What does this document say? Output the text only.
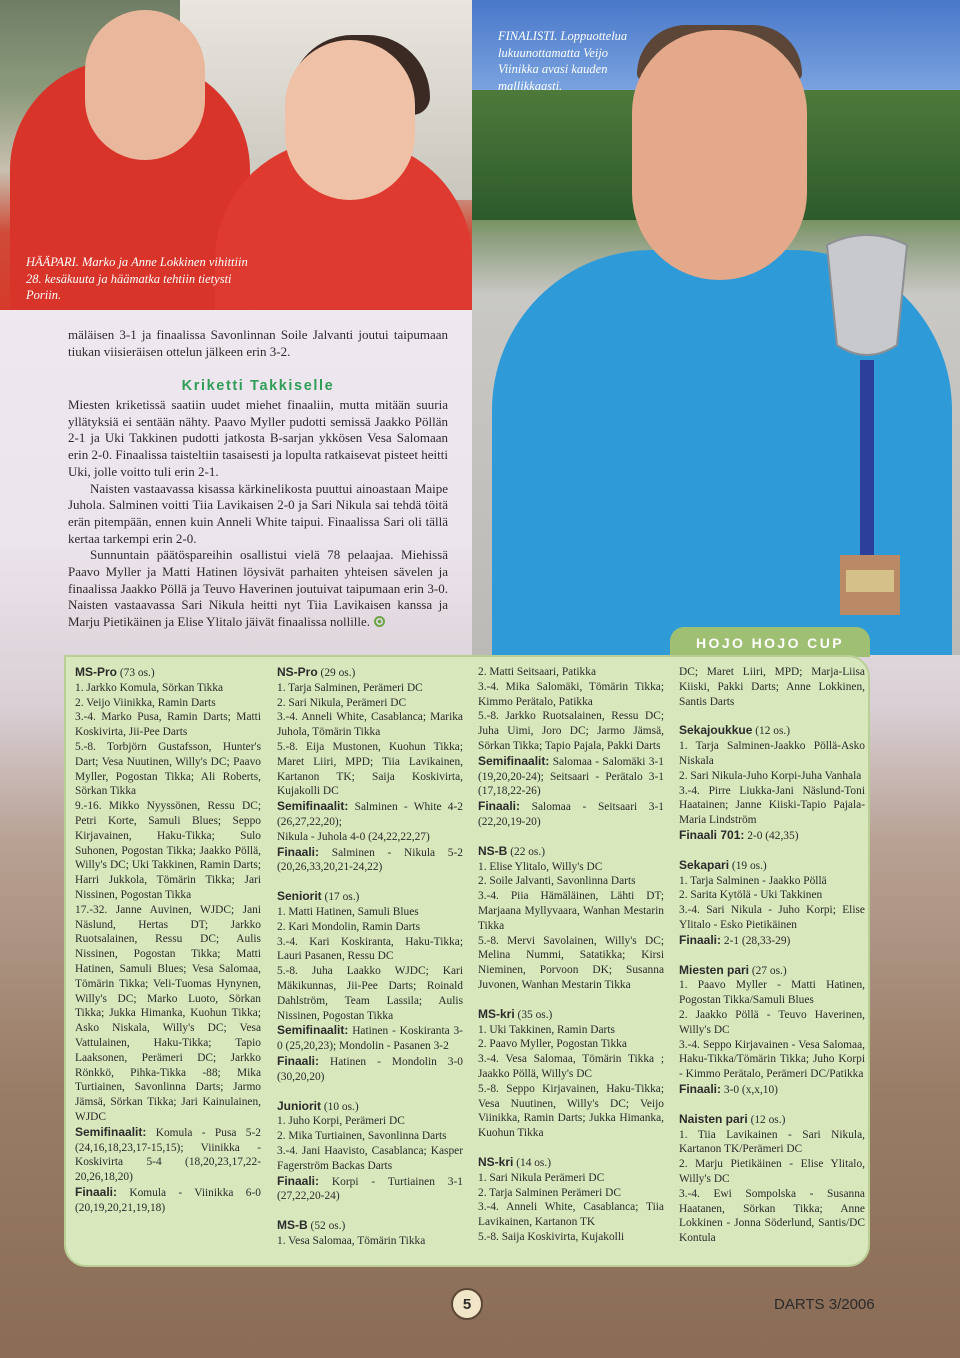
HÄÄPARI. Marko ja Anne Lokkinen vihittiin 28. kesäkuuta ja häämatka tehtiin tietysti Poriin.
FINALISTI. Loppuottelua lukuunottamatta Veijo Viinikka avasi kauden mallikkaasti.

mäläisen 3-1 ja finaalissa Savonlinnan Soile Jalvanti joutui taipumaan tiukan viisieräisen ottelun jälkeen erin 3-2.

Kriketti Takkiselle

Miesten kriketissä saatiin uudet miehet finaaliin, mutta mitään suuria yllätyksiä ei sentään nähty. Paavo Myller pudotti semissä Jaakko Pöllän 2-1 ja Uki Takkinen pudotti jatkosta B-sarjan ykkösen Vesa Salomaan erin 2-0. Finaalissa taisteltiin tasaisesti ja lopulta ratkaisevat pisteet heitti Uki, jolle voitto tuli erin 2-1.

Naisten vastaavassa kisassa kärkinelikosta puuttui ainoastaan Maipe Juhola. Salminen voitti Tiia Lavikaisen 2-0 ja Sari Nikula sai tehdä töitä erän pitempään, ennen kuin Anneli White taipui. Finaalissa Sari oli tällä kertaa tarkempi erin 2-0.

Sunnuntain päätöspareihin osallistui vielä 78 pelaajaa. Miehissä Paavo Myller ja Matti Hatinen löysivät parhaiten yhteisen sävelen ja finaalissa Jaakko Pöllä ja Teuvo Haverinen joutuivat taipumaan erin 3-0. Naisten vastaavassa Sari Nikula heitti nyt Tiia Lavikaisen kanssa ja Marju Pietikäinen ja Elise Ylitalo jäivät finaalissa nollille.

HOJO HOJO CUP
MS-Pro (73 os.)
1. Jarkko Komula, Sörkan Tikka
2. Veijo Viinikka, Ramin Darts
3.-4. Marko Pusa, Ramin Darts; Matti Koskivirta, Jii-Pee Darts
5.-8. Torbjörn Gustafsson, Hunter's Dart; Vesa Nuutinen, Willy's DC; Paavo Myller, Pogostan Tikka; Ali Roberts, Sörkan Tikka
9.-16. Mikko Nyyssönen, Ressu DC; Petri Korte, Samuli Blues; Seppo Kirjavainen, Haku-Tikka; Sulo Suhonen, Pogostan Tikka; Jaakko Pöllä, Willy's DC; Uki Takkinen, Ramin Darts; Harri Jukkola, Tömärin Tikka; Jari Nissinen, Pogostan Tikka
17.-32. Janne Auvinen, WJDC; Jani Näslund, Hertas DT; Jarkko Ruotsalainen, Ressu DC; Aulis Nissinen, Pogostan Tikka; Matti Hatinen, Samuli Blues; Vesa Salomaa, Tömärin Tikka; Veli-Tuomas Hynynen, Willy's DC; Marko Luoto, Sörkan Tikka; Jukka Himanka, Kuohun Tikka; Asko Niskala, Willy's DC; Vesa Vattulainen, Haku-Tikka; Tapio Laaksonen, Perämeri DC; Jarkko Rönkkö, Pihka-Tikka -88; Mika Turtiainen, Savonlinna Darts; Jarmo Jämsä, Sörkan Tikka; Jari Kainulainen, WJDC
Semifinaalit: Komula - Pusa 5-2 (24,16,18,23,17-15,15); Viinikka - Koskivirta 5-4 (18,20,23,17,22-20,26,18,20)
Finaali: Komula - Viinikka 6-0 (20,19,20,21,19,18)
NS-Pro (29 os.)
1. Tarja Salminen, Perämeri DC
2. Sari Nikula, Perämeri DC
3.-4. Anneli White, Casablanca; Marika Juhola, Tömärin Tikka
5.-8. Eija Mustonen, Kuohun Tikka; Maret Liiri, MPD; Tiia Lavikainen, Kartanon TK; Saija Koskivirta, Kujakolli DC
Semifinaalit: Salminen - White 4-2 (26,27,22,20);
Nikula - Juhola 4-0 (24,22,22,27)
Finaali: Salminen - Nikula 5-2 (20,26,33,20,21-24,22)
Seniorit (17 os.)
1. Matti Hatinen, Samuli Blues
2. Kari Mondolin, Ramin Darts
3.-4. Kari Koskiranta, Haku-Tikka; Lauri Pasanen, Ressu DC
5.-8. Juha Laakko WJDC; Kari Mäkikunnas, Jii-Pee Darts; Roinald Dahlström, Team Lassila; Aulis Nissinen, Pogostan Tikka
Semifinaalit: Hatinen - Koskiranta 3-0 (25,20,23); Mondolin - Pasanen 3-2
Finaali: Hatinen - Mondolin 3-0 (30,20,20)
Juniorit (10 os.)
1. Juho Korpi, Perämeri DC
2. Mika Turtiainen, Savonlinna Darts
3.-4. Jani Haavisto, Casablanca; Kasper Fagerström Backas Darts
Finaali: Korpi - Turtiainen 3-1 (27,22,20-24)
MS-B (52 os.)
1. Vesa Salomaa, Tömärin Tikka
2. Matti Seitsaari, Patikka
3.-4. Mika Salomäki, Tömärin Tikka; Kimmo Perätalo, Patikka
5.-8. Jarkko Ruotsalainen, Ressu DC; Juha Uimi, Joro DC; Jarmo Jämsä, Sörkan Tikka; Tapio Pajala, Pakki Darts
Semifinaalit: Salomaa - Salomäki 3-1 (19,20,20-24); Seitsaari - Perätalo 3-1 (17,18,22-26)
Finaali: Salomaa - Seitsaari 3-1 (22,20,19-20)
NS-B (22 os.)
1. Elise Ylitalo, Willy's DC
2. Soile Jalvanti, Savonlinna Darts
3.-4. Piia Hämäläinen, Lähti DT; Marjaana Myllyvaara, Wanhan Mestarin Tikka
5.-8. Mervi Savolainen, Willy's DC; Melina Nummi, Satatikka; Kirsi Nieminen, Porvoon DK; Susanna Juvonen, Wanhan Mestarin Tikka
MS-kri (35 os.)
1. Uki Takkinen, Ramin Darts
2. Paavo Myller, Pogostan Tikka
3.-4. Vesa Salomaa, Tömärin Tikka ; Jaakko Pöllä, Willy's DC
5.-8. Seppo Kirjavainen, Haku-Tikka; Vesa Nuutinen, Willy's DC; Veijo Viinikka, Ramin Darts; Jukka Himanka, Kuohun Tikka
NS-kri (14 os.)
1. Sari Nikula Perämeri DC
2. Tarja Salminen Perämeri DC
3.-4. Anneli White, Casablanca; Tiia Lavikainen, Kartanon TK
5.-8. Saija Koskivirta, Kujakolli
DC; Maret Liiri, MPD; Marja-Liisa Kiiski, Pakki Darts; Anne Lokkinen, Santis Darts
Sekajoukkue (12 os.)
1. Tarja Salminen-Jaakko Pöllä-Asko Niskala
2. Sari Nikula-Juho Korpi-Juha Vanhala
3.-4. Pirre Liukka-Jani Näslund-Toni Haatainen; Janne Kiiski-Tapio Pajala-Maria Lindström
Finaali 701: 2-0 (42,35)
Sekapari (19 os.)
1. Tarja Salminen - Jaakko Pöllä
2. Sarita Kytölä - Uki Takkinen
3.-4. Sari Nikula - Juho Korpi; Elise Ylitalo - Esko Pietikäinen
Finaali: 2-1 (28,33-29)
Miesten pari (27 os.)
1. Paavo Myller - Matti Hatinen, Pogostan Tikka/Samuli Blues
2. Jaakko Pöllä - Teuvo Haverinen, Willy's DC
3.-4. Seppo Kirjavainen - Vesa Salomaa, Haku-Tikka/Tömärin Tikka; Juho Korpi - Kimmo Perätalo, Perämeri DC/Patikka
Finaali: 3-0 (x,x,10)
Naisten pari (12 os.)
1. Tiia Lavikainen - Sari Nikula, Kartanon TK/Perämeri DC
2. Marju Pietikäinen - Elise Ylitalo, Willy's DC
3.-4. Ewi Sompolska - Susanna Haatanen, Sörkan Tikka; Anne Lokkinen - Jonna Söderlund, Santis/DC Kontula
5	DARTS 3/2006
